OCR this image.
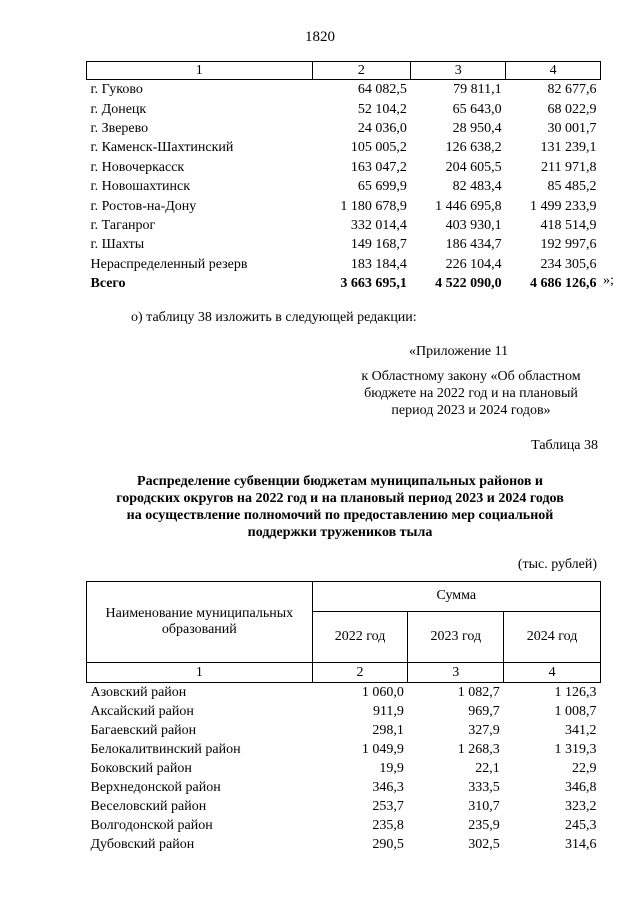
1820
1	2	3	4
г. Гуково	64 082,5	79 811,1	82 677,6
г. Донецк	52 104,2	65 643,0	68 022,9
г. Зверево	24 036,0	28 950,4	30 001,7
г. Каменск-Шахтинский	105 005,2	126 638,2	131 239,1
г. Новочеркасск	163 047,2	204 605,5	211 971,8
г. Новошахтинск	65 699,9	82 483,4	85 485,2
г. Ростов-на-Дону	1 180 678,9	1 446 695,8	1 499 233,9
г. Таганрог	332 014,4	403 930,1	418 514,9
г. Шахты	149 168,7	186 434,7	192 997,6
Нераспределенный резерв	183 184,4	226 104,4	234 305,6
Всего	3 663 695,1	4 522 090,0	4 686 126,6 »;
о) таблицу 38 изложить в следующей редакции:
«Приложение 11
к Областному закону «Об областном
бюджете на 2022 год и на плановый
период 2023 и 2024 годов»
Таблица 38
Распределение субвенции бюджетам муниципальных районов и
городских округов на 2022 год и на плановый период 2023 и 2024 годов
на осуществление полномочий по предоставлению мер социальной
поддержки тружеников тыла
(тыс. рублей)
Наименование муниципальных образований	Сумма		
	2022 год	2023 год	2024 год
1	2	3	4
Азовский район	1 060,0	1 082,7	1 126,3
Аксайский район	911,9	969,7	1 008,7
Багаевский район	298,1	327,9	341,2
Белокалитвинский район	1 049,9	1 268,3	1 319,3
Боковский район	19,9	22,1	22,9
Верхнедонской район	346,3	333,5	346,8
Веселовский район	253,7	310,7	323,2
Волгодонской район	235,8	235,9	245,3
Дубовский район	290,5	302,5	314,6
